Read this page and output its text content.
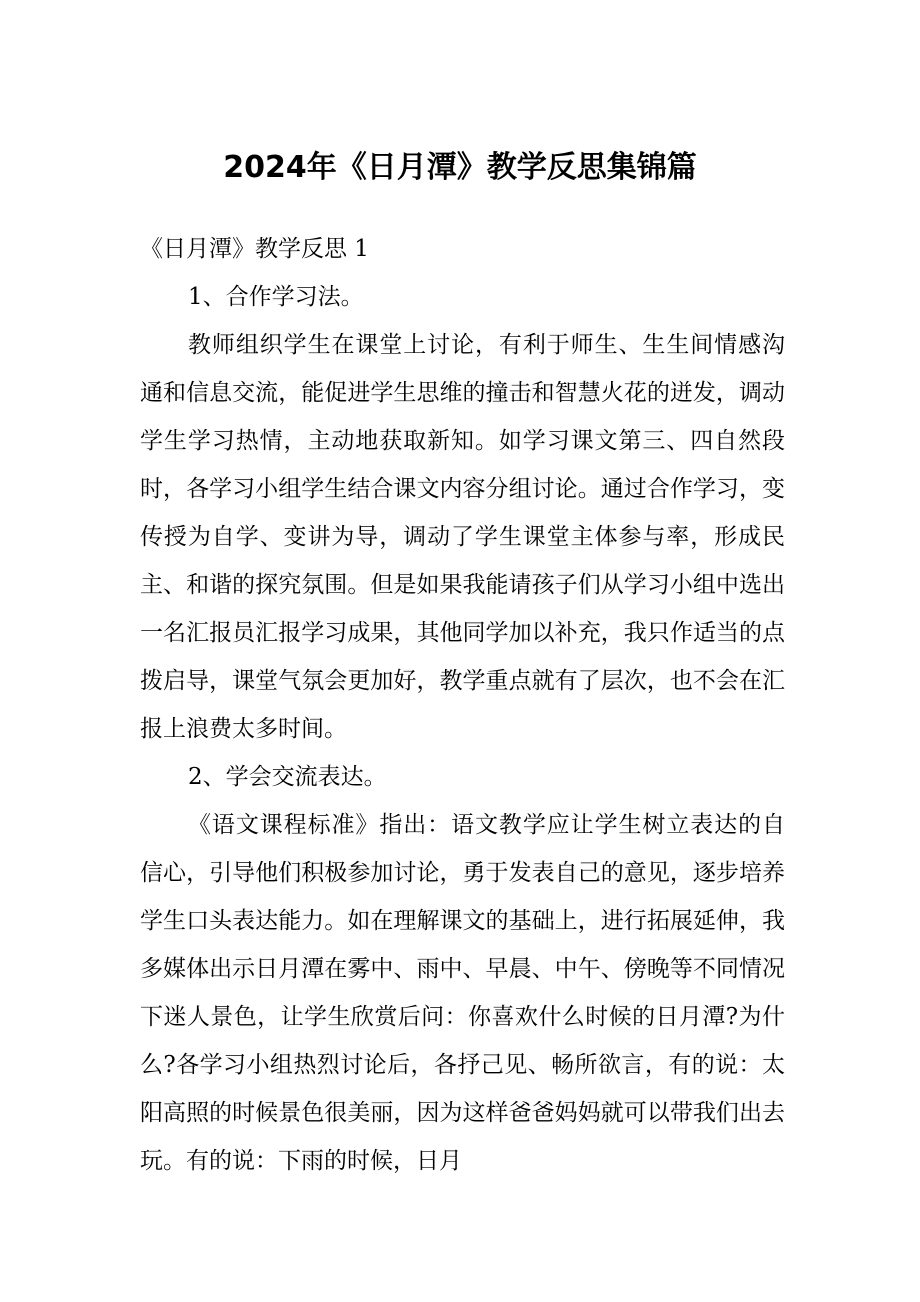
2024年《日月潭》教学反思集锦篇

《日月潭》教学反思 1

1、合作学习法。

教师组织学生在课堂上讨论，有利于师生、生生间情感沟通和信息交流，能促进学生思维的撞击和智慧火花的迸发，调动学生学习热情，主动地获取新知。如学习课文第三、四自然段时，各学习小组学生结合课文内容分组讨论。通过合作学习，变传授为自学、变讲为导，调动了学生课堂主体参与率，形成民主、和谐的探究氛围。但是如果我能请孩子们从学习小组中选出一名汇报员汇报学习成果，其他同学加以补充，我只作适当的点拨启导，课堂气氛会更加好，教学重点就有了层次，也不会在汇报上浪费太多时间。

2、学会交流表达。

《语文课程标准》指出：语文教学应让学生树立表达的自信心，引导他们积极参加讨论，勇于发表自己的意见，逐步培养学生口头表达能力。如在理解课文的基础上，进行拓展延伸，我多媒体出示日月潭在雾中、雨中、早晨、中午、傍晚等不同情况下迷人景色，让学生欣赏后问：你喜欢什么时候的日月潭?为什么?各学习小组热烈讨论后，各抒己见、畅所欲言，有的说：太阳高照的时候景色很美丽，因为这样爸爸妈妈就可以带我们出去玩。有的说：下雨的时候，日月
